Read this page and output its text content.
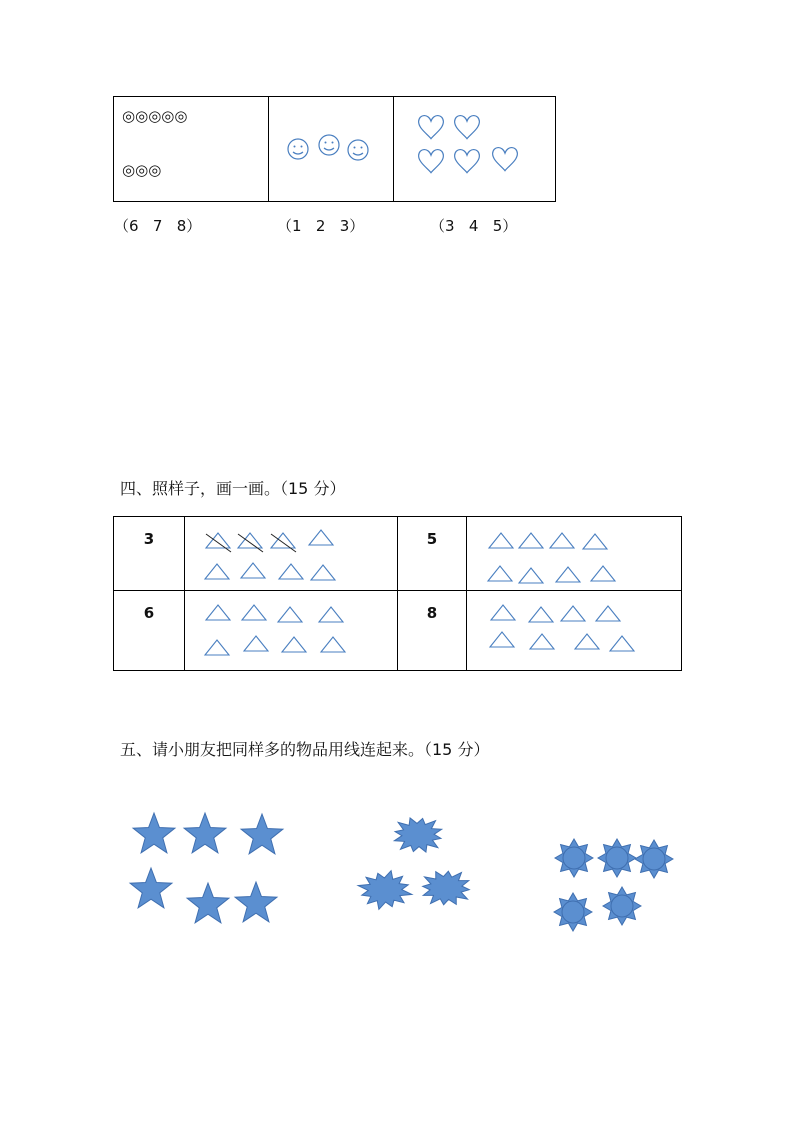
◎◎◎◎◎
◎◎◎
（6 7 8）	（1 2 3）	（3 4 5）
四、照样子，画一画。（15 分）
3	5
6	8
五、请小朋友把同样多的物品用线连起来。（15 分）
